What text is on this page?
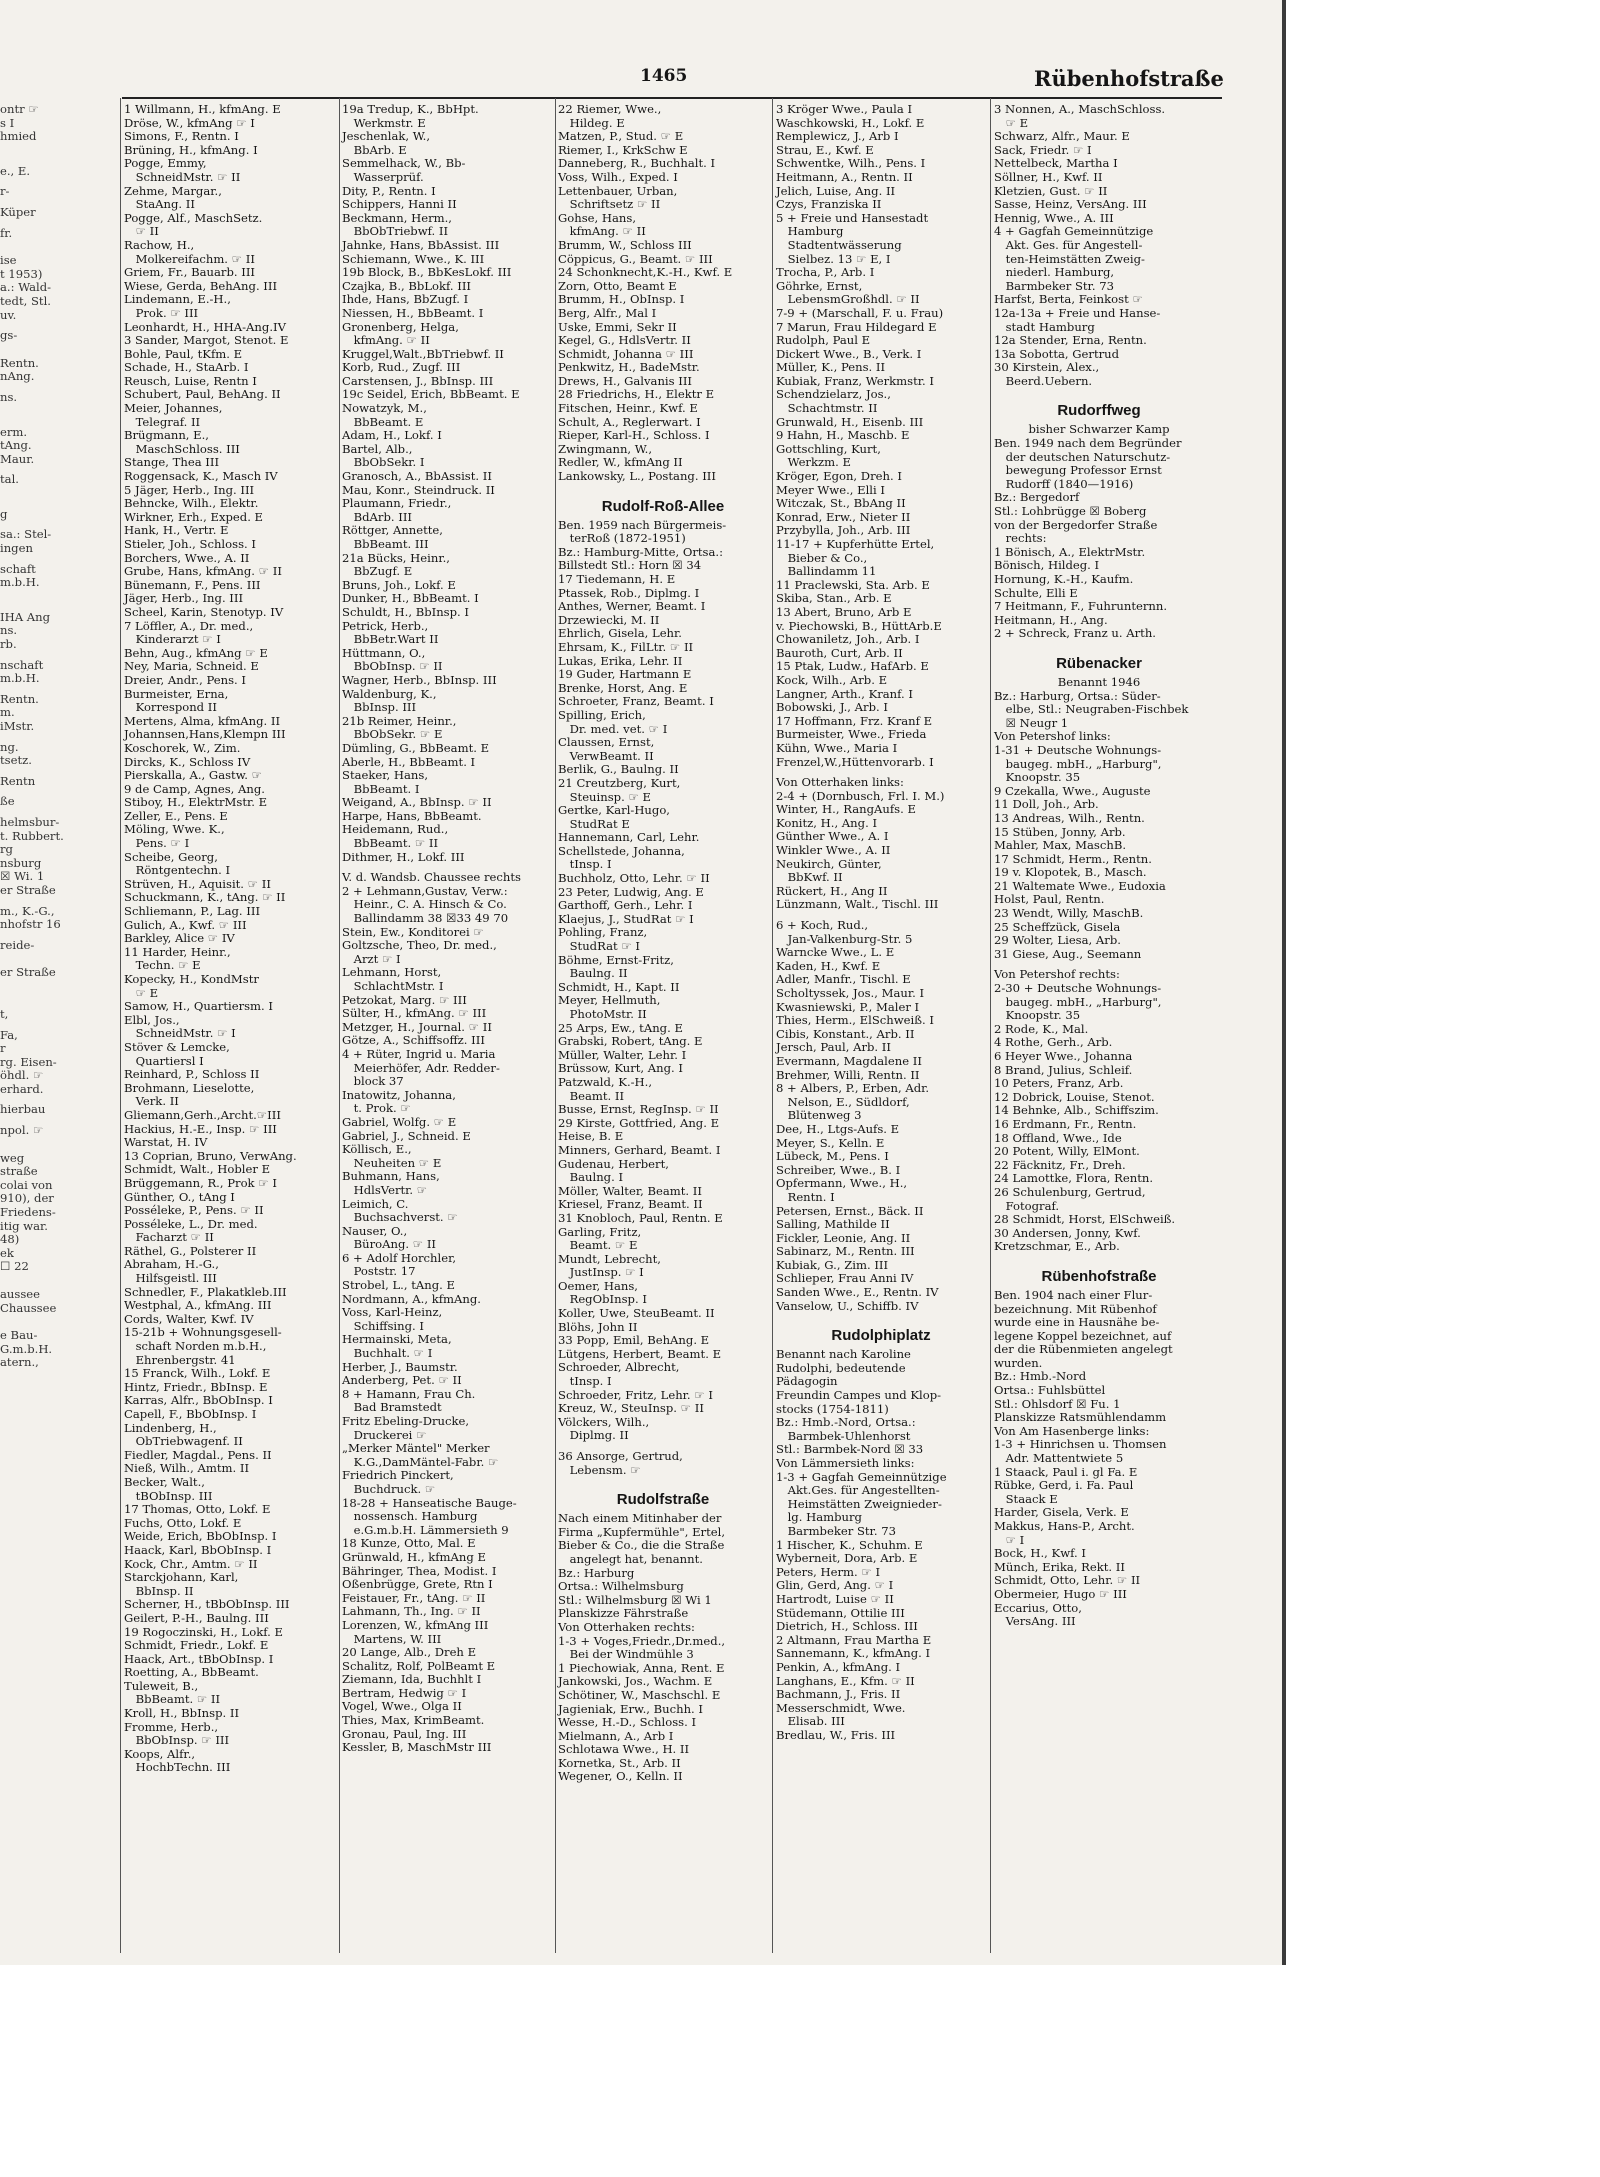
1465	Rübenhofstraße
ontr ☞
s I
hmied
e., E.
r-
Küper
fr.
ise
t 1953)
a.: Wald-
tedt, Stl.
uv.
gs-
Rentn.
nAng.
ns.
erm.
tAng.
Maur.
tal.
g
sa.: Stel-
ingen
schaft
m.b.H.
IHA Ang
ns.
rb.
nschaft
m.b.H.
Rentn.
m.
iMstr.
ng.
tsetz.
Rentn
ße
helmsbur-
t. Rubbert.
rg
nsburg
☒ Wi. 1
er Straße
m., K.-G.,
nhofstr 16
reide-
er Straße
t,
Fa,
r
rg. Eisen-
öhdl. ☞
erhard.
hierbau
npol. ☞
weg
straße
colai von
910), der
Friedens-
itig war.
48)
ek
☐ 22
aussee
Chaussee
e Bau-
G.m.b.H.
atern.,
1 Willmann, H., kfmAng. E
Dröse, W., kfmAng ☞ I
Simons, F., Rentn. I
Brüning, H., kfmAng. I
Pogge, Emmy,
 SchneidMstr. ☞ II
Zehme, Margar.,
 StaAng. II
Pogge, Alf., MaschSetz.
 ☞ II
Rachow, H.,
 Molkereifachm. ☞ II
Griem, Fr., Bauarb. III
Wiese, Gerda, BehAng. III
Lindemann, E.-H.,
 Prok. ☞ III
Leonhardt, H., HHA-Ang.IV
3 Sander, Margot, Stenot. E
Bohle, Paul, tKfm. E
Schade, H., StaArb. I
Reusch, Luise, Rentn I
Schubert, Paul, BehAng. II
Meier, Johannes,
 Telegraf. II
Brügmann, E.,
 MaschSchloss. III
Stange, Thea III
Roggensack, K., Masch IV
5 Jäger, Herb., Ing. III
Behncke, Wilh., Elektr.
Wirkner, Erh., Exped. E
Hank, H., Vertr. E
Stieler, Joh., Schloss. I
Borchers, Wwe., A. II
Grube, Hans, kfmAng. ☞ II
Bünemann, F., Pens. III
Jäger, Herb., Ing. III
Scheel, Karin, Stenotyp. IV
7 Löffler, A., Dr. med.,
 Kinderarzt ☞ I
Behn, Aug., kfmAng ☞ E
Ney, Maria, Schneid. E
Dreier, Andr., Pens. I
Burmeister, Erna,
 Korrespond II
Mertens, Alma, kfmAng. II
Johannsen,Hans,Klempn III
Koschorek, W., Zim.
Dircks, K., Schloss IV
Pierskalla, A., Gastw. ☞
9 de Camp, Agnes, Ang.
Stiboy, H., ElektrMstr. E
Zeller, E., Pens. E
Möling, Wwe. K.,
 Pens. ☞ I
Scheibe, Georg,
 Röntgentechn. I
Strüven, H., Aquisit. ☞ II
Schuckmann, K., tAng. ☞ II
Schliemann, P., Lag. III
Gulich, A., Kwf. ☞ III
Barkley, Alice ☞ IV
11 Harder, Heinr.,
 Techn. ☞ E
Kopecky, H., KondMstr
 ☞ E
Samow, H., Quartiersm. I
Elbl, Jos.,
 SchneidMstr. ☞ I
Stöver & Lemcke,
 Quartiersl I
Reinhard, P., Schloss II
Brohmann, Lieselotte,
 Verk. II
Gliemann,Gerh.,Archt.☞III
Hackius, H.-E., Insp. ☞ III
Warstat, H. IV
13 Coprian, Bruno, VerwAng.
Schmidt, Walt., Hobler E
Brüggemann, R., Prok ☞ I
Günther, O., tAng I
Posséleke, P., Pens. ☞ II
Posséleke, L., Dr. med.
 Facharzt ☞ II
Räthel, G., Polsterer II
Abraham, H.-G.,
 Hilfsgeistl. III
Schnedler, F., Plakatkleb.III
Westphal, A., kfmAng. III
Cords, Walter, Kwf. IV
15-21b + Wohnungsgesell-
 schaft Norden m.b.H.,
 Ehrenbergstr. 41
15 Franck, Wilh., Lokf. E
Hintz, Friedr., BbInsp. E
Karras, Alfr., BbObInsp. I
Capell, F., BbObInsp. I
Lindenberg, H.,
 ObTriebwagenf. II
Fiedler, Magdal., Pens. II
Nieß, Wilh., Amtm. II
Becker, Walt.,
 tBObInsp. III
17 Thomas, Otto, Lokf. E
Fuchs, Otto, Lokf. E
Weide, Erich, BbObInsp. I
Haack, Karl, BbObInsp. I
Kock, Chr., Amtm. ☞ II
Starckjohann, Karl,
 BbInsp. II
Scherner, H., tBbObInsp. III
Geilert, P.-H., Baulng. III
19 Rogoczinski, H., Lokf. E
Schmidt, Friedr., Lokf. E
Haack, Art., tBbObInsp. I
Roetting, A., BbBeamt.
Tuleweit, B.,
 BbBeamt. ☞ II
Kroll, H., BbInsp. II
Fromme, Herb.,
 BbObInsp. ☞ III
Koops, Alfr.,
 HochbTechn. III
19a Tredup, K., BbHpt.
 Werkmstr. E
Jeschenlak, W.,
 BbArb. E
Semmelhack, W., Bb-
 Wasserprüf.
Dity, P., Rentn. I
Schippers, Hanni II
Beckmann, Herm.,
 BbObTriebwf. II
Jahnke, Hans, BbAssist. III
Schiemann, Wwe., K. III
19b Block, B., BbKesLokf. III
Czajka, B., BbLokf. III
Ihde, Hans, BbZugf. I
Niessen, H., BbBeamt. I
Gronenberg, Helga,
 kfmAng. ☞ II
Kruggel,Walt.,BbTriebwf. II
Korb, Rud., Zugf. III
Carstensen, J., BbInsp. III
19c Seidel, Erich, BbBeamt. E
Nowatzyk, M.,
 BbBeamt. E
Adam, H., Lokf. I
Bartel, Alb.,
 BbObSekr. I
Granosch, A., BbAssist. II
Mau, Konr., Steindruck. II
Plaumann, Friedr.,
 BdArb. III
Röttger, Annette,
 BbBeamt. III
21a Bücks, Heinr.,
 BbZugf. E
Bruns, Joh., Lokf. E
Dunker, H., BbBeamt. I
Schuldt, H., BbInsp. I
Petrick, Herb.,
 BbBetr.Wart II
Hüttmann, O.,
 BbObInsp. ☞ II
Wagner, Herb., BbInsp. III
Waldenburg, K.,
 BbInsp. III
21b Reimer, Heinr.,
 BbObSekr. ☞ E
Dümling, G., BbBeamt. E
Aberle, H., BbBeamt. I
Staeker, Hans,
 BbBeamt. I
Weigand, A., BbInsp. ☞ II
Harpe, Hans, BbBeamt.
Heidemann, Rud.,
 BbBeamt. ☞ II
Dithmer, H., Lokf. III
V. d. Wandsb. Chaussee rechts
2 + Lehmann,Gustav, Verw.:
 Heinr., C. A. Hinsch & Co.
 Ballindamm 38 ☒33 49 70
Stein, Ew., Konditorei ☞
Goltzsche, Theo, Dr. med.,
 Arzt ☞ I
Lehmann, Horst,
 SchlachtMstr. I
Petzokat, Marg. ☞ III
Sülter, H., kfmAng. ☞ III
Metzger, H., Journal. ☞ II
Götze, A., Schiffsoffz. III
4 + Rüter, Ingrid u. Maria
 Meierhöfer, Adr. Redder-
 block 37
Inatowitz, Johanna,
 t. Prok. ☞
Gabriel, Wolfg. ☞ E
Gabriel, J., Schneid. E
Köllisch, E.,
 Neuheiten ☞ E
Buhmann, Hans,
 HdlsVertr. ☞
Leimich, C.
 Buchsachverst. ☞
Nauser, O.,
 BüroAng. ☞ II
6 + Adolf Horchler,
 Poststr. 17
Strobel, L., tAng. E
Nordmann, A., kfmAng.
Voss, Karl-Heinz,
 Schiffsing. I
Hermainski, Meta,
 Buchhalt. ☞ I
Herber, J., Baumstr.
Anderberg, Pet. ☞ II
8 + Hamann, Frau Ch.
 Bad Bramstedt
Fritz Ebeling-Drucke,
 Druckerei ☞
„Merker Mäntel" Merker
 K.G.,DamMäntel-Fabr. ☞
Friedrich Pinckert,
 Buchdruck. ☞
18-28 + Hanseatische Bauge-
 nossensch. Hamburg
 e.G.m.b.H. Lämmersieth 9
18 Kunze, Otto, Mal. E
Grünwald, H., kfmAng E
Bähringer, Thea, Modist. I
Oßenbrügge, Grete, Rtn I
Feistauer, Fr., tAng. ☞ II
Lahmann, Th., Ing. ☞ II
Lorenzen, W., kfmAng III
 Martens, W. III
20 Lange, Alb., Dreh E
Schalitz, Rolf, PolBeamt E
Ziemann, Ida, Buchhlt I
Bertram, Hedwig ☞ I
Vogel, Wwe., Olga II
Thies, Max, KrimBeamt.
Gronau, Paul, Ing. III
Kessler, B, MaschMstr III
22 Riemer, Wwe.,
 Hildeg. E
Matzen, P., Stud. ☞ E
Riemer, I., KrkSchw E
Danneberg, R., Buchhalt. I
Voss, Wilh., Exped. I
Lettenbauer, Urban,
 Schriftsetz ☞ II
Gohse, Hans,
 kfmAng. ☞ II
Brumm, W., Schloss III
Cöppicus, G., Beamt. ☞ III
24 Schonknecht,K.-H., Kwf. E
Zorn, Otto, Beamt E
Brumm, H., ObInsp. I
Berg, Alfr., Mal I
Uske, Emmi, Sekr II
Kegel, G., HdlsVertr. II
Schmidt, Johanna ☞ III
Penkwitz, H., BadeMstr.
Drews, H., Galvanis III
28 Friedrichs, H., Elektr E
Fitschen, Heinr., Kwf. E
Schult, A., Reglerwart. I
Rieper, Karl-H., Schloss. I
Zwingmann, W.,
Redler, W., kfmAng II
Lankowsky, L., Postang. III
Rudolf-Roß-Allee
Ben. 1959 nach Bürgermeis-
 terRoß (1872-1951)
Bz.: Hamburg-Mitte, Ortsa.:
Billstedt Stl.: Horn ☒ 34
17 Tiedemann, H. E
Ptassek, Rob., Diplmg. I
Anthes, Werner, Beamt. I
Drzewiecki, M. II
Ehrlich, Gisela, Lehr.
Ehrsam, K., FilLtr. ☞ II
Lukas, Erika, Lehr. II
19 Guder, Hartmann E
Brenke, Horst, Ang. E
Schroeter, Franz, Beamt. I
Spilling, Erich,
 Dr. med. vet. ☞ I
Claussen, Ernst,
 VerwBeamt. II
Berlik, G., Baulng. II
21 Creutzberg, Kurt,
 Steuinsp. ☞ E
Gertke, Karl-Hugo,
 StudRat E
Hannemann, Carl, Lehr.
Schellstede, Johanna,
 tInsp. I
Buchholz, Otto, Lehr. ☞ II
23 Peter, Ludwig, Ang. E
Garthoff, Gerh., Lehr. I
Klaejus, J., StudRat ☞ I
Pohling, Franz,
 StudRat ☞ I
Böhme, Ernst-Fritz,
 Baulng. II
Schmidt, H., Kapt. II
Meyer, Hellmuth,
 PhotoMstr. II
25 Arps, Ew., tAng. E
Grabski, Robert, tAng. E
Müller, Walter, Lehr. I
Brüssow, Kurt, Ang. I
Patzwald, K.-H.,
 Beamt. II
Busse, Ernst, RegInsp. ☞ II
29 Kirste, Gottfried, Ang. E
Heise, B. E
Minners, Gerhard, Beamt. I
Gudenau, Herbert,
 Baulng. I
Möller, Walter, Beamt. II
Kriesel, Franz, Beamt. II
31 Knobloch, Paul, Rentn. E
Garling, Fritz,
 Beamt. ☞ E
Mundt, Lebrecht,
 JustInsp. ☞ I
Oemer, Hans,
 RegObInsp. I
Koller, Uwe, SteuBeamt. II
Blöhs, John II
33 Popp, Emil, BehAng. E
Lütgens, Herbert, Beamt. E
Schroeder, Albrecht,
 tInsp. I
Schroeder, Fritz, Lehr. ☞ I
Kreuz, W., SteuInsp. ☞ II
Völckers, Wilh.,
 Diplmg. II
36 Ansorge, Gertrud,
 Lebensm. ☞
Rudolfstraße
Nach einem Mitinhaber der
Firma „Kupfermühle", Ertel,
Bieber & Co., die die Straße
 angelegt hat, benannt.
Bz.: Harburg
Ortsa.: Wilhelmsburg
Stl.: Wilhelmsburg ☒ Wi 1
Planskizze Fährstraße
Von Otterhaken rechts:
1-3 + Voges,Friedr.,Dr.med.,
 Bei der Windmühle 3
1 Piechowiak, Anna, Rent. E
Jankowski, Jos., Wachm. E
Schötiner, W., Maschschl. E
Jagieniak, Erw., Buchh. I
Wesse, H.-D., Schloss. I
Mielmann, A., Arb I
Schlotawa Wwe., H. II
Kornetka, St., Arb. II
Wegener, O., Kelln. II
3 Kröger Wwe., Paula I
Waschkowski, H., Lokf. E
Remplewicz, J., Arb I
Strau, E., Kwf. E
Schwentke, Wilh., Pens. I
Heitmann, A., Rentn. II
Jelich, Luise, Ang. II
Czys, Franziska II
5 + Freie und Hansestadt
 Hamburg
 Stadtentwässerung
 Sielbez. 13 ☞ E, I
Trocha, P., Arb. I
Göhrke, Ernst,
 LebensmGroßhdl. ☞ II
7-9 + (Marschall, F. u. Frau)
7 Marun, Frau Hildegard E
Rudolph, Paul E
Dickert Wwe., B., Verk. I
Müller, K., Pens. II
Kubiak, Franz, Werkmstr. I
Schendzielarz, Jos.,
 Schachtmstr. II
Grunwald, H., Eisenb. III
9 Hahn, H., Maschb. E
Gottschling, Kurt,
 Werkzm. E
Kröger, Egon, Dreh. I
Meyer Wwe., Elli I
Witczak, St., BbAng II
Konrad, Erw., Nieter II
Przybylla, Joh., Arb. III
11-17 + Kupferhütte Ertel,
 Bieber & Co.,
 Ballindamm 11
11 Praclewski, Sta. Arb. E
Skiba, Stan., Arb. E
13 Abert, Bruno, Arb E
v. Piechowski, B., HüttArb.E
Chowaniletz, Joh., Arb. I
Bauroth, Curt, Arb. II
15 Ptak, Ludw., HafArb. E
Kock, Wilh., Arb. E
Langner, Arth., Kranf. I
Bobowski, J., Arb. I
17 Hoffmann, Frz. Kranf E
Burmeister, Wwe., Frieda
Kühn, Wwe., Maria I
Frenzel,W.,Hüttenvorarb. I
Von Otterhaken links:
2-4 + (Dornbusch, Frl. I. M.)
Winter, H., RangAufs. E
Konitz, H., Ang. I
Günther Wwe., A. I
Winkler Wwe., A. II
Neukirch, Günter,
 BbKwf. II
Rückert, H., Ang II
Lünzmann, Walt., Tischl. III
6 + Koch, Rud.,
 Jan-Valkenburg-Str. 5
Warncke Wwe., L. E
Kaden, H., Kwf. E
Adler, Manfr., Tischl. E
Scholtyssek, Jos., Maur. I
Kwasniewski, P., Maler I
Thies, Herm., ElSchweiß. I
Cibis, Konstant., Arb. II
Jersch, Paul, Arb. II
Evermann, Magdalene II
Brehmer, Willi, Rentn. II
8 + Albers, P., Erben, Adr.
 Nelson, E., Südldorf,
 Blütenweg 3
Dee, H., Ltgs-Aufs. E
Meyer, S., Kelln. E
Lübeck, M., Pens. I
Schreiber, Wwe., B. I
Opfermann, Wwe., H.,
 Rentn. I
Petersen, Ernst., Bäck. II
Salling, Mathilde II
Fickler, Leonie, Ang. II
Sabinarz, M., Rentn. III
Kubiak, G., Zim. III
Schlieper, Frau Anni IV
Sanden Wwe., E., Rentn. IV
Vanselow, U., Schiffb. IV
Rudolphiplatz
Benannt nach Karoline
Rudolphi, bedeutende
Pädagogin
Freundin Campes und Klop-
stocks (1754-1811)
Bz.: Hmb.-Nord, Ortsa.:
 Barmbek-Uhlenhorst
Stl.: Barmbek-Nord ☒ 33
Von Lämmersieth links:
1-3 + Gagfah Gemeinnützige
 Akt.Ges. für Angestellten-
 Heimstätten Zweignieder-
 lg. Hamburg
 Barmbeker Str. 73
1 Hischer, K., Schuhm. E
Wyberneit, Dora, Arb. E
Peters, Herm. ☞ I
Glin, Gerd, Ang. ☞ I
Hartrodt, Luise ☞ II
Stüdemann, Ottilie III
Dietrich, H., Schloss. III
2 Altmann, Frau Martha E
Sannemann, K., kfmAng. I
Penkin, A., kfmAng. I
Langhans, E., Kfm. ☞ II
Bachmann, J., Fris. II
Messerschmidt, Wwe.
 Elisab. III
Bredlau, W., Fris. III
3 Nonnen, A., MaschSchloss.
 ☞ E
Schwarz, Alfr., Maur. E
Sack, Friedr. ☞ I
Nettelbeck, Martha I
Söllner, H., Kwf. II
Kletzien, Gust. ☞ II
Sasse, Heinz, VersAng. III
Hennig, Wwe., A. III
4 + Gagfah Gemeinnützige
 Akt. Ges. für Angestell-
 ten-Heimstätten Zweig-
 niederl. Hamburg,
 Barmbeker Str. 73
Harfst, Berta, Feinkost ☞
12a-13a + Freie und Hanse-
 stadt Hamburg
12a Stender, Erna, Rentn.
13a Sobotta, Gertrud
30 Kirstein, Alex.,
 Beerd.Uebern.
Rudorffweg
bisher Schwarzer Kamp
Ben. 1949 nach dem Begründer
 der deutschen Naturschutz-
 bewegung Professor Ernst
 Rudorff (1840—1916)
Bz.: Bergedorf
Stl.: Lohbrügge ☒ Boberg
von der Bergedorfer Straße
 rechts:
1 Bönisch, A., ElektrMstr.
Bönisch, Hildeg. I
Hornung, K.-H., Kaufm.
Schulte, Elli E
7 Heitmann, F., Fuhrunternn.
Heitmann, H., Ang.
2 + Schreck, Franz u. Arth.
Rübenacker
Benannt 1946
Bz.: Harburg, Ortsa.: Süder-
 elbe, Stl.: Neugraben-Fischbek
 ☒ Neugr 1
Von Petershof links:
1-31 + Deutsche Wohnungs-
 baugeg. mbH., „Harburg",
 Knoopstr. 35
9 Czekalla, Wwe., Auguste
11 Doll, Joh., Arb.
13 Andreas, Wilh., Rentn.
15 Stüben, Jonny, Arb.
Mahler, Max, MaschB.
17 Schmidt, Herm., Rentn.
19 v. Klopotek, B., Masch.
21 Waltemate Wwe., Eudoxia
Holst, Paul, Rentn.
23 Wendt, Willy, MaschB.
25 Scheffzück, Gisela
29 Wolter, Liesa, Arb.
31 Giese, Aug., Seemann
Von Petershof rechts:
2-30 + Deutsche Wohnungs-
 baugeg. mbH., „Harburg",
 Knoopstr. 35
2 Rode, K., Mal.
4 Rothe, Gerh., Arb.
6 Heyer Wwe., Johanna
8 Brand, Julius, Schleif.
10 Peters, Franz, Arb.
12 Dobrick, Louise, Stenot.
14 Behnke, Alb., Schiffszim.
16 Erdmann, Fr., Rentn.
18 Offland, Wwe., Ide
20 Potent, Willy, ElMont.
22 Fäcknitz, Fr., Dreh.
24 Lamottke, Flora, Rentn.
26 Schulenburg, Gertrud,
 Fotograf.
28 Schmidt, Horst, ElSchweiß.
30 Andersen, Jonny, Kwf.
Kretzschmar, E., Arb.
Rübenhofstraße
Ben. 1904 nach einer Flur-
bezeichnung. Mit Rübenhof
wurde eine in Hausnähe be-
legene Koppel bezeichnet, auf
der die Rübenmieten angelegt
wurden.
Bz.: Hmb.-Nord
Ortsa.: Fuhlsbüttel
Stl.: Ohlsdorf ☒ Fu. 1
Planskizze Ratsmühlendamm
Von Am Hasenberge links:
1-3 + Hinrichsen u. Thomsen
 Adr. Mattentwiete 5
1 Staack, Paul i. gl Fa. E
Rübke, Gerd, i. Fa. Paul
 Staack E
Harder, Gisela, Verk. E
Makkus, Hans-P., Archt.
 ☞ I
Bock, H., Kwf. I
Münch, Erika, Rekt. II
Schmidt, Otto, Lehr. ☞ II
Obermeier, Hugo ☞ III
Eccarius, Otto,
 VersAng. III
